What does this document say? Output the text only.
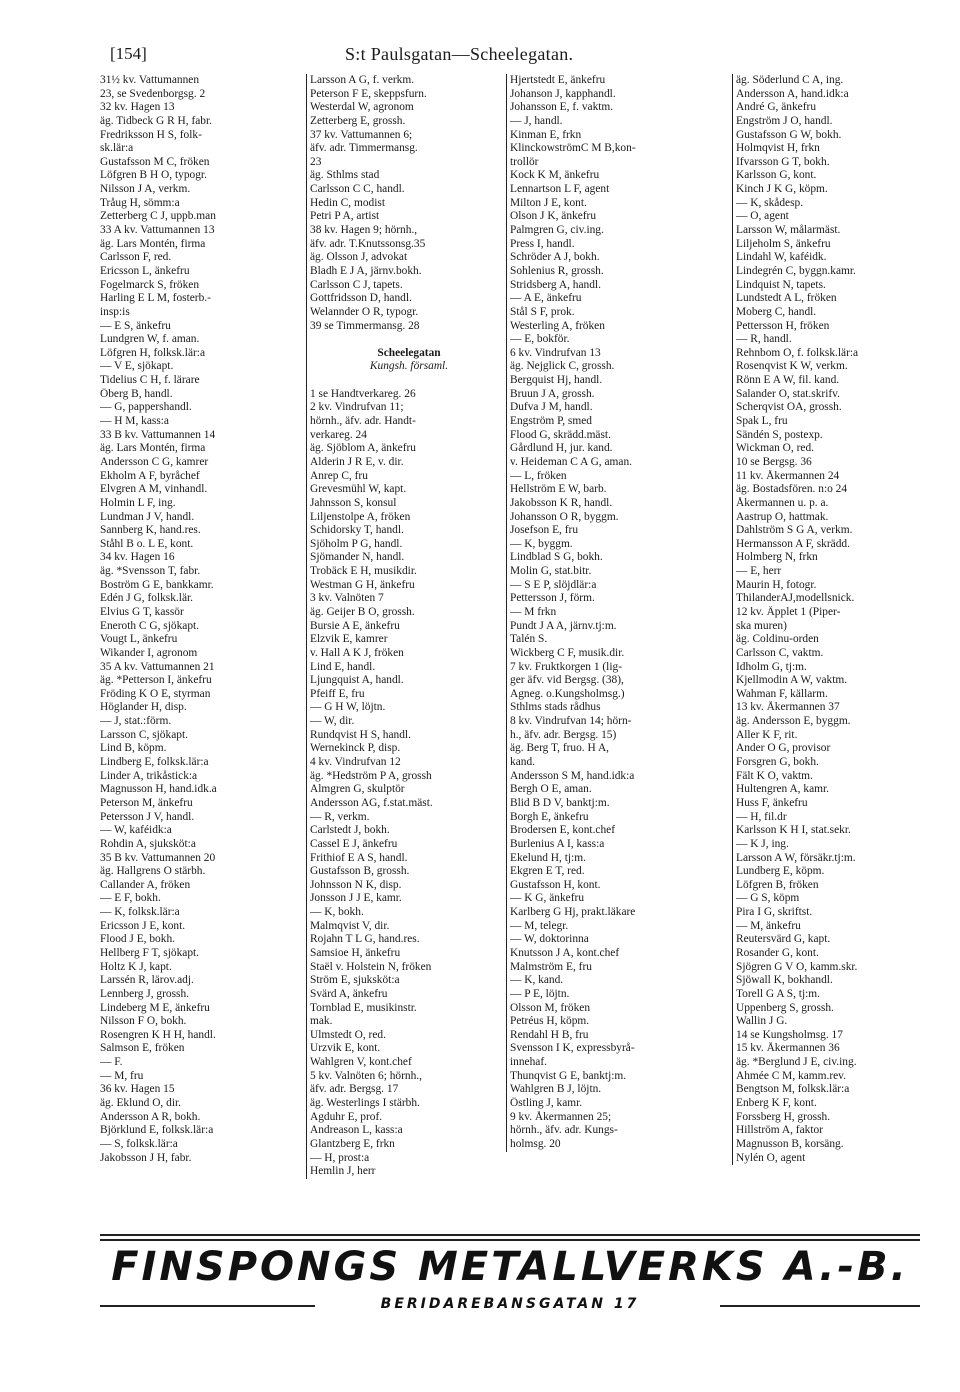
[154]	S:t Paulsgatan—Scheelegatan.
31½ kv. Vattumannen
23, se Svedenborgsg. 2
32 kv. Hagen 13
äg. Tidbeck G R H, fabr.
Fredriksson H S, folk-
sk.lär:a
Gustafsson M C, fröken
Löfgren B H O, typogr.
Nilsson J A, verkm.
Tråug H, sömm:a
Zetterberg C J, uppb.man
33 A kv. Vattumannen 13
äg. Lars Montén, firma
Carlsson F, red.
Ericsson L, änkefru
Fogelmarck S, fröken
Harling E L M, fosterb.-
insp:is
— E S, änkefru
Lundgren W, f. aman.
Löfgren H, folksk.lär:a
— V E, sjökapt.
Tidelius C H, f. lärare
Öberg B, handl.
— G, pappershandl.
— H M, kass:a
33 B kv. Vattumannen 14
äg. Lars Montén, firma
Andersson C G, kamrer
Ekholm A F, byråchef
Elvgren A M, vinhandl.
Holmin L F, ing.
Lundman J V, handl.
Sannberg K, hand.res.
Ståhl B o. L E, kont.
34 kv. Hagen 16
äg. *Svensson T, fabr.
Boström G E, bankkamr.
Edén J G, folksk.lär.
Elvius G T, kassör
Eneroth C G, sjökapt.
Vougt L, änkefru
Wikander I, agronom
35 A kv. Vattumannen 21
äg. *Petterson I, änkefru
Fröding K O E, styrman
Höglander H, disp.
— J, stat.:förm.
Larsson C, sjökapt.
Lind B, köpm.
Lindberg E, folksk.lär:a
Linder A, trikåstick:a
Magnusson H, hand.idk.a
Peterson M, änkefru
Petersson J V, handl.
— W, kaféidk:a
Rohdin A, sjuksköt:a
35 B kv. Vattumannen 20
äg. Hallgrens O stärbh.
Callander A, fröken
— E F, bokh.
— K, folksk.lär:a
Ericsson J E, kont.
Flood J E, bokh.
Hellberg F T, sjökapt.
Holtz K J, kapt.
Larssén R, lärov.adj.
Lennberg J, grossh.
Lindeberg M E, änkefru
Nilsson F O, bokh.
Rosengren K H H, handl.
Salmson E, fröken
— F.
— M, fru
36 kv. Hagen 15
äg. Eklund O, dir.
Andersson A R, bokh.
Björklund E, folksk.lär:a
— S, folksk.lär:a
Jakobsson J H, fabr.
Larsson A G, f. verkm.
Peterson F E, skeppsfurn.
Westerdal W, agronom
Zetterberg E, grossh.
37 kv. Vattumannen 6;
äfv. adr. Timmermansg.
23
äg. Sthlms stad
Carlsson C C, handl.
Hedin C, modist
Petri P A, artist
38 kv. Hagen 9; hörnh.,
äfv. adr. T.Knutssonsg.35
äg. Olsson J, advokat
Bladh E J A, järnv.bokh.
Carlsson C J, tapets.
Gottfridsson D, handl.
Welannder O R, typogr.
39 se Timmermansg. 28
Scheelegatan
Kungsh. församl.
1 se Handtverkareg. 26
2 kv. Vindrufvan 11;
hörnh., äfv. adr. Handt-
verkareg. 24
äg. Sjöblom A, änkefru
Alderin J R E, v. dir.
Anrep C, fru
Grevesmühl W, kapt.
Jahnsson S, konsul
Liljenstolpe A, fröken
Schidorsky T, handl.
Sjöholm P G, handl.
Sjömander N, handl.
Trobäck E H, musikdir.
Westman G H, änkefru
3 kv. Valnöten 7
äg. Geijer B O, grossh.
Bursie A E, änkefru
Elzvik E, kamrer
v. Hall A K J, fröken
Lind E, handl.
Ljungquist A, handl.
Pfeiff E, fru
— G H W, löjtn.
— W, dir.
Rundqvist H S, handl.
Wernekinck P, disp.
4 kv. Vindrufvan 12
äg. *Hedström P A, grossh
Almgren G, skulptör
Andersson AG, f.stat.mäst.
— R, verkm.
Carlstedt J, bokh.
Cassel E J, änkefru
Frithiof E A S, handl.
Gustafsson B, grossh.
Johnsson N K, disp.
Jonsson J J E, kamr.
— K, bokh.
Malmqvist V, dir.
Rojahn T L G, hand.res.
Samsioe H, änkefru
Staël v. Holstein N, fröken
Ström E, sjuksköt:a
Svärd A, änkefru
Tornblad E, musikinstr.
mak.
Ulmstedt O, red.
Urzvik E, kont.
Wahlgren V, kont.chef
5 kv. Valnöten 6; hörnh.,
äfv. adr. Bergsg. 17
äg. Westerlings I stärbh.
Agduhr E, prof.
Andreason L, kass:a
Glantzberg E, frkn
— H, prost:a
Hemlin J, herr
Hjertstedt E, änkefru
Johanson J, kapphandl.
Johansson E, f. vaktm.
— J, handl.
Kinman E, frkn
KlinckowströmC M B,kon-
trollör
Kock K M, änkefru
Lennartson L F, agent
Milton J E, kont.
Olson J K, änkefru
Palmgren G, civ.ing.
Press I, handl.
Schröder A J, bokh.
Sohlenius R, grossh.
Stridsberg A, handl.
— A E, änkefru
Stål S F, prok.
Westerling A, fröken
— E, bokför.
6 kv. Vindrufvan 13
äg. Nejglick C, grossh.
Bergquist Hj, handl.
Bruun J A, grossh.
Dufva J M, handl.
Engström P, smed
Flood G, skrädd.mäst.
Gårdlund H, jur. kand.
v. Heideman C A G, aman.
— L, fröken
Hellström E W, barb.
Jakobsson K R, handl.
Johansson O R, byggm.
Josefson E, fru
— K, byggm.
Lindblad S G, bokh.
Molin G, stat.bitr.
— S E P, slöjdlär:a
Pettersson J, förm.
— M frkn
Pundt J A A, järnv.tj:m.
Talén S.
Wickberg C F, musik.dir.
7 kv. Fruktkorgen 1 (lig-
ger äfv. vid Bergsg. (38),
Agneg. o.Kungsholmsg.)
Sthlms stads rådhus
8 kv. Vindrufvan 14; hörn-
h., äfv. adr. Bergsg. 15)
äg. Berg T, fruo. H A,
kand.
Andersson S M, hand.idk:a
Bergh O E, aman.
Blid B D V, banktj:m.
Borgh E, änkefru
Brodersen E, kont.chef
Burlenius A I, kass:a
Ekelund H, tj:m.
Ekgren E T, red.
Gustafsson H, kont.
— K G, änkefru
Karlberg G Hj, prakt.läkare
— M, telegr.
— W, doktorinna
Knutsson J A, kont.chef
Malmström E, fru
— K, kand.
— P E, löjtn.
Olsson M, fröken
Petréus H, köpm.
Rendahl H B, fru
Svensson I K, expressbyrå-
innehaf.
Thunqvist G E, banktj:m.
Wahlgren B J, löjtn.
Östling J, kamr.
9 kv. Åkermannen 25;
hörnh., äfv. adr. Kungs-
holmsg. 20
äg. Söderlund C A, ing.
Andersson A, hand.idk:a
André G, änkefru
Engström J O, handl.
Gustafsson G W, bokh.
Holmqvist H, frkn
Ifvarsson G T, bokh.
Karlsson G, kont.
Kinch J K G, köpm.
— K, skådesp.
— O, agent
Larsson W, målarmäst.
Liljeholm S, änkefru
Lindahl W, kaféidk.
Lindegrén C, byggn.kamr.
Lindquist N, tapets.
Lundstedt A L, fröken
Moberg C, handl.
Pettersson H, fröken
— R, handl.
Rehnbom O, f. folksk.lär:a
Rosenqvist K W, verkm.
Rönn E A W, fil. kand.
Salander O, stat.skrifv.
Scherqvist OA, grossh.
Spak L, fru
Sändén S, postexp.
Wickman O, red.
10 se Bergsg. 36
11 kv. Åkermannen 24
äg. Bostadsfören. n:o 24
Åkermannen u. p. a.
Aastrup O, hattmak.
Dahlström S G A, verkm.
Hermansson A F, skrädd.
Holmberg N, frkn
— E, herr
Maurin H, fotogr.
ThilanderAJ,modellsnick.
12 kv. Äpplet 1 (Piper-
ska muren)
äg. Coldinu-orden
Carlsson C, vaktm.
Idholm G, tj:m.
Kjellmodin A W, vaktm.
Wahman F, källarm.
13 kv. Åkermannen 37
äg. Andersson E, byggm.
Aller K F, rit.
Ander O G, provisor
Forsgren G, bokh.
Fält K O, vaktm.
Hultengren A, kamr.
Huss F, änkefru
— H, fil.dr
Karlsson K H I, stat.sekr.
— K J, ing.
Larsson A W, försäkr.tj:m.
Lundberg E, köpm.
Löfgren B, fröken
— G S, köpm
Pira I G, skriftst.
— M, änkefru
Reutersvärd G, kapt.
Rosander G, kont.
Sjögren G V O, kamm.skr.
Sjöwall K, bokhandl.
Torell G A S, tj:m.
Uppenberg S, grossh.
Wallin J G.
14 se Kungsholmsg. 17
15 kv. Åkermannen 36
äg. *Berglund J E, civ.ing.
Ahmée C M, kamm.rev.
Bengtson M, folksk.lär:a
Enberg K F, kont.
Forssberg H, grossh.
Hillström A, faktor
Magnusson B, korsäng.
Nylén O, agent
FINSPONGS METALLVERKS A.-B.
BERIDAREBANSGATAN 17
